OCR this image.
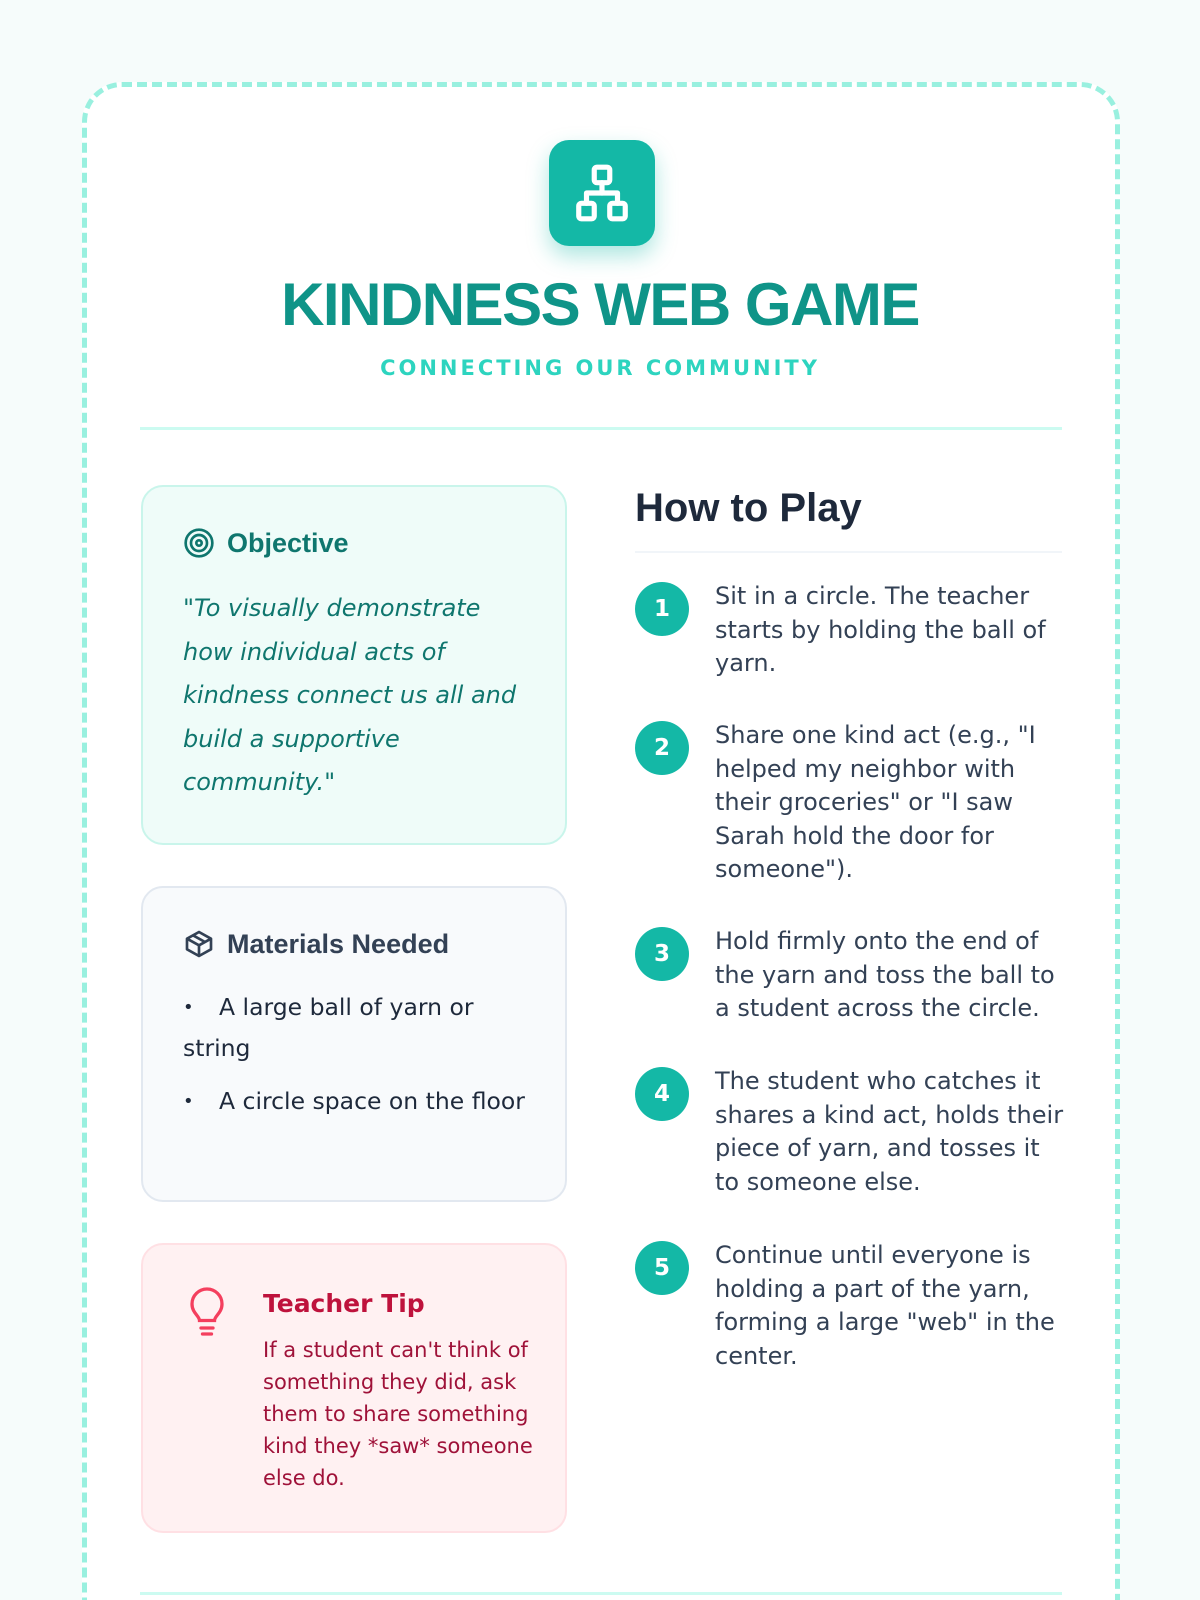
KINDNESS WEB GAME
CONNECTING OUR COMMUNITY
Objective

"To visually demonstrate how individual acts of kindness connect us all and build a supportive community."

Materials Needed
• A large ball of yarn or string
• A circle space on the floor
Teacher Tip

If a student can't think of something they did, ask them to share something kind they *saw* someone else do.

How to Play
1	Sit in a circle. The teacher starts by holding the ball of yarn.

2	Share one kind act (e.g., "I helped my neighbor with their groceries" or "I saw Sarah hold the door for someone").

3	Hold firmly onto the end of the yarn and toss the ball to a student across the circle.

4	The student who catches it shares a kind act, holds their piece of yarn, and tosses it to someone else.

5	Continue until everyone is holding a part of the yarn, forming a large "web" in the center.
